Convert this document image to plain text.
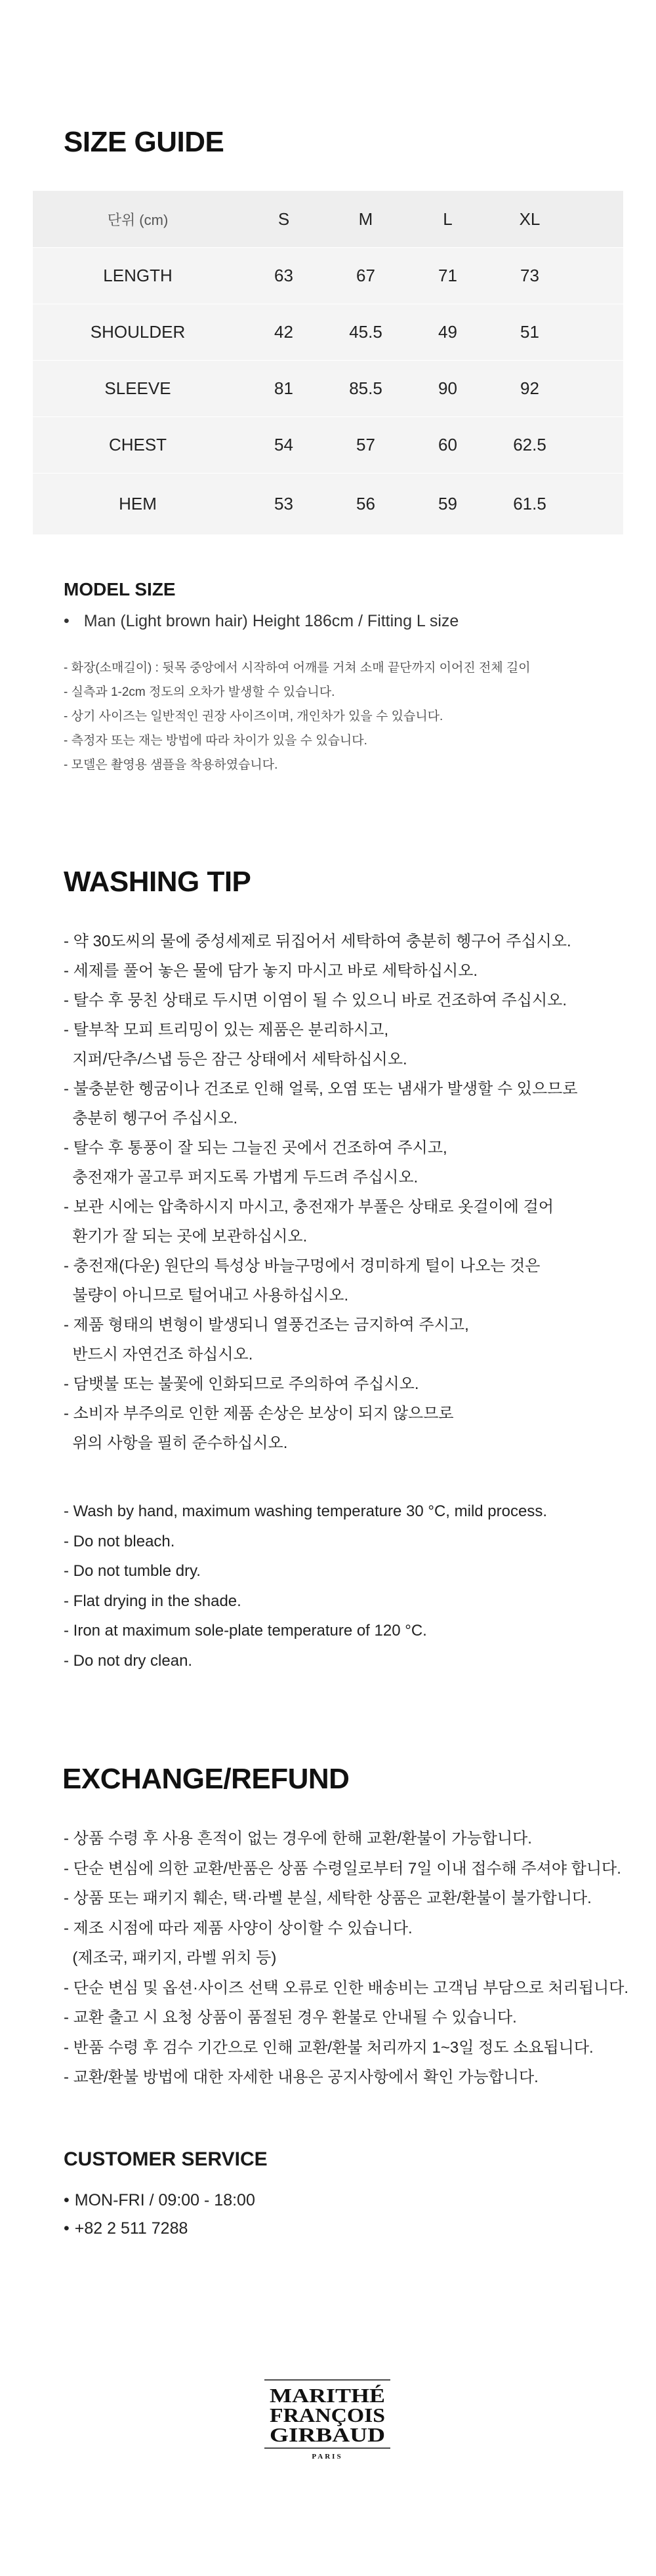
SIZE GUIDE
단위 (cm)	S	M	L	XL
LENGTH	63	67	71	73
SHOULDER	42	45.5	49	51
SLEEVE	81	85.5	90	92
CHEST	54	57	60	62.5
HEM	53	56	59	61.5
MODEL SIZE
• Man (Light brown hair) Height 186cm / Fitting L size
- 화장(소매길이) : 뒷목 중앙에서 시작하여 어깨를 거쳐 소매 끝단까지 이어진 전체 길이
- 실측과 1-2cm 정도의 오차가 발생할 수 있습니다.
- 상기 사이즈는 일반적인 권장 사이즈이며, 개인차가 있을 수 있습니다.
- 측정자 또는 재는 방법에 따라 차이가 있을 수 있습니다.
- 모델은 촬영용 샘플을 착용하였습니다.
WASHING TIP
- 약 30도씨의 물에 중성세제로 뒤집어서 세탁하여 충분히 헹구어 주십시오.
- 세제를 풀어 놓은 물에 담가 놓지 마시고 바로 세탁하십시오.
- 탈수 후 뭉친 상태로 두시면 이염이 될 수 있으니 바로 건조하여 주십시오.
- 탈부착 모피 트리밍이 있는 제품은 분리하시고,
지퍼/단추/스냅 등은 잠근 상태에서 세탁하십시오.
- 불충분한 헹굼이나 건조로 인해 얼룩, 오염 또는 냄새가 발생할 수 있으므로
충분히 헹구어 주십시오.
- 탈수 후 통풍이 잘 되는 그늘진 곳에서 건조하여 주시고,
충전재가 골고루 퍼지도록 가볍게 두드려 주십시오.
- 보관 시에는 압축하시지 마시고, 충전재가 부풀은 상태로 옷걸이에 걸어
환기가 잘 되는 곳에 보관하십시오.
- 충전재(다운) 원단의 특성상 바늘구멍에서 경미하게 털이 나오는 것은
불량이 아니므로 털어내고 사용하십시오.
- 제품 형태의 변형이 발생되니 열풍건조는 금지하여 주시고,
반드시 자연건조 하십시오.
- 담뱃불 또는 불꽃에 인화되므로 주의하여 주십시오.
- 소비자 부주의로 인한 제품 손상은 보상이 되지 않으므로
위의 사항을 필히 준수하십시오.
- Wash by hand, maximum washing temperature 30 °C, mild process.
- Do not bleach.
- Do not tumble dry.
- Flat drying in the shade.
- Iron at maximum sole-plate temperature of 120 °C.
- Do not dry clean.
EXCHANGE/REFUND
- 상품 수령 후 사용 흔적이 없는 경우에 한해 교환/환불이 가능합니다.
- 단순 변심에 의한 교환/반품은 상품 수령일로부터 7일 이내 접수해 주셔야 합니다.
- 상품 또는 패키지 훼손, 택·라벨 분실, 세탁한 상품은 교환/환불이 불가합니다.
- 제조 시점에 따라 제품 사양이 상이할 수 있습니다.
(제조국, 패키지, 라벨 위치 등)
- 단순 변심 및 옵션·사이즈 선택 오류로 인한 배송비는 고객님 부담으로 처리됩니다.
- 교환 출고 시 요청 상품이 품절된 경우 환불로 안내될 수 있습니다.
- 반품 수령 후 검수 기간으로 인해 교환/환불 처리까지 1~3일 정도 소요됩니다.
- 교환/환불 방법에 대한 자세한 내용은 공지사항에서 확인 가능합니다.
CUSTOMER SERVICE
• MON-FRI / 09:00 - 18:00
• +82 2 511 7288
MARITHÉ
FRANÇOIS
GIRBAUD
PARIS
